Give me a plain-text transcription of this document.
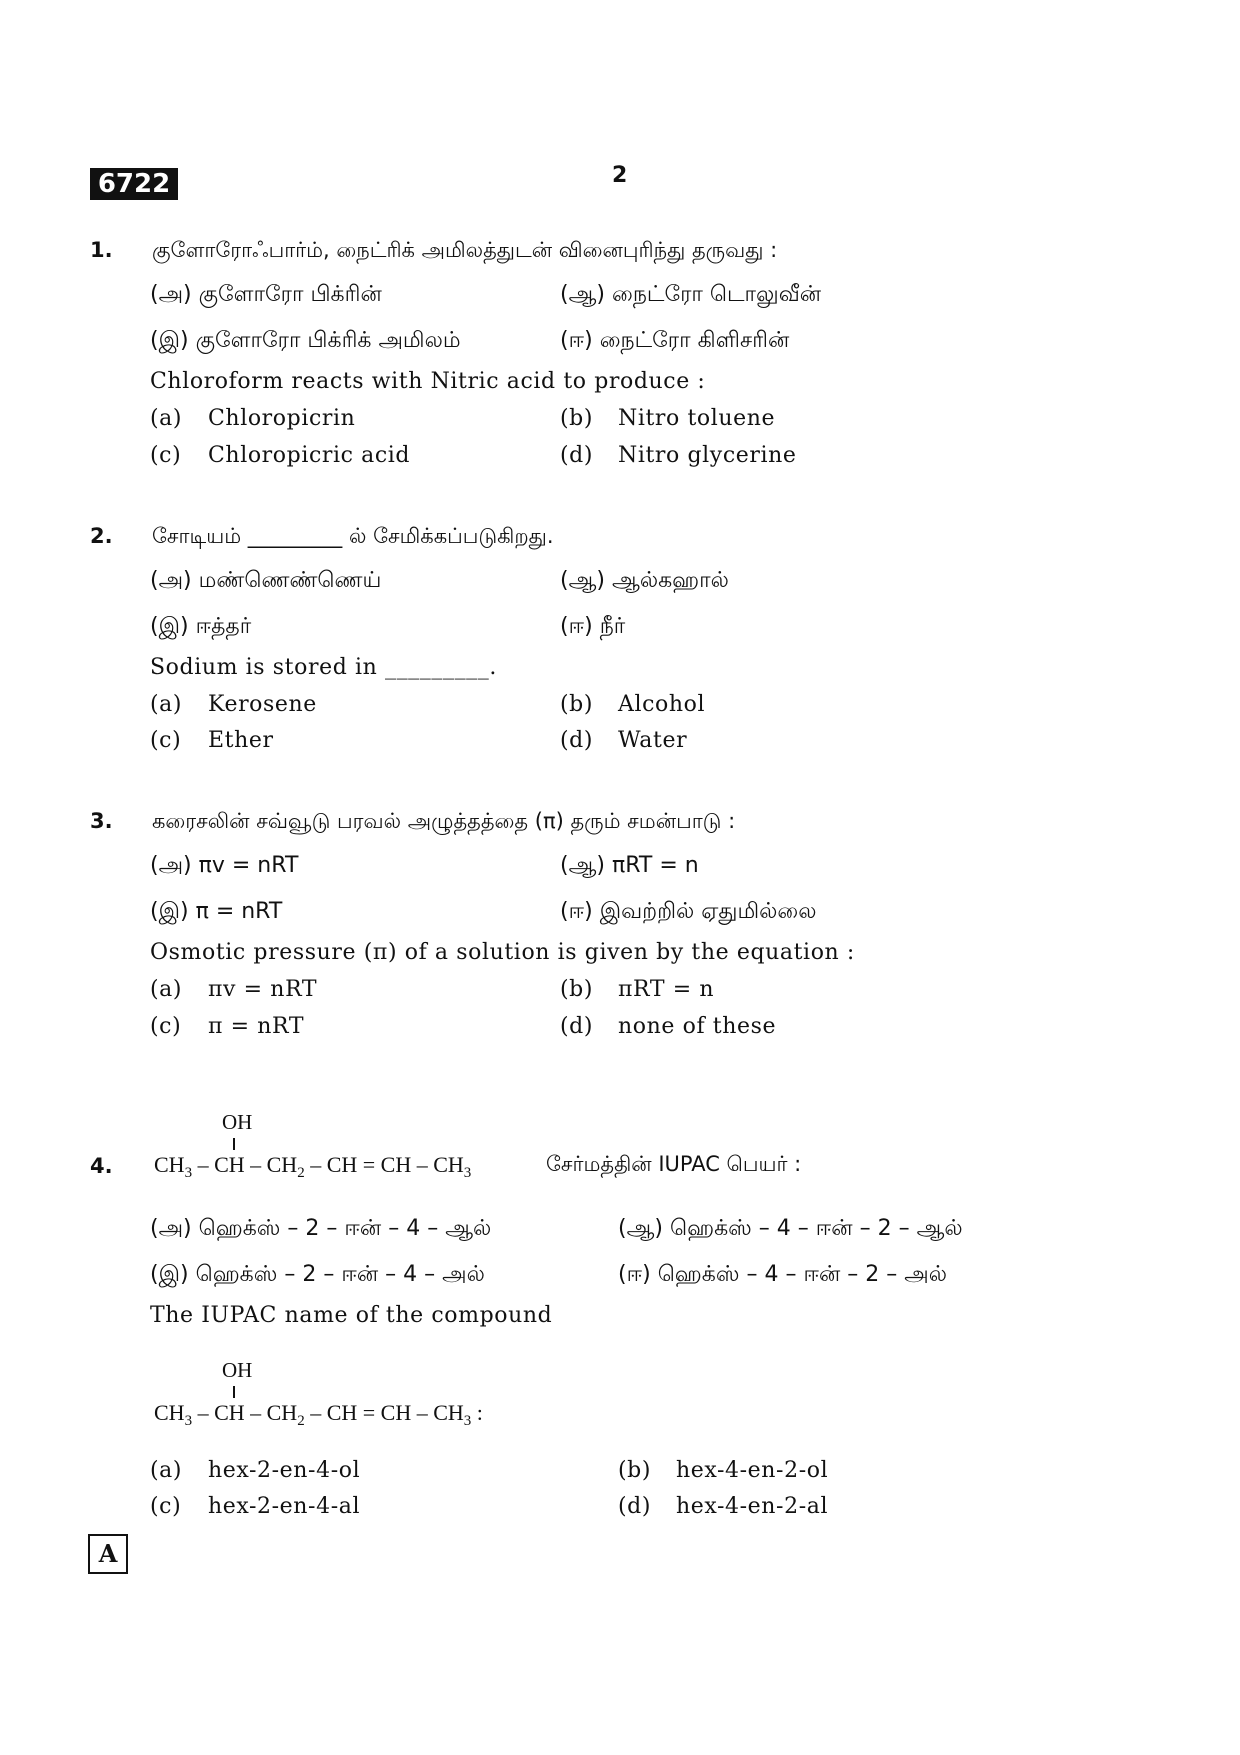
6722	2
1. குளோரோஃபார்ம், நைட்ரிக் அமிலத்துடன் வினைபுரிந்து தருவது :
(அ) குளோரோ பிக்ரின்	(ஆ) நைட்ரோ டொலுவீன்
(இ) குளோரோ பிக்ரிக் அமிலம்	(ஈ) நைட்ரோ கிளிசரின்
Chloroform reacts with Nitric acid to produce :
(a) Chloropicrin	(b) Nitro toluene
(c) Chloropicric acid	(d) Nitro glycerine
2. சோடியம் _________ ல் சேமிக்கப்படுகிறது.
(அ) மண்ணெண்ணெய்	(ஆ) ஆல்கஹால்
(இ) ஈத்தர்	(ஈ) நீர்
Sodium is stored in _________.
(a) Kerosene	(b) Alcohol
(c) Ether	(d) Water
3. கரைசலின் சவ்வூடு பரவல் அழுத்தத்தை (π) தரும் சமன்பாடு :
(அ) πv = nRT	(ஆ) πRT = n
(இ) π = nRT	(ஈ) இவற்றில் ஏதுமில்லை
Osmotic pressure (π) of a solution is given by the equation :
(a) πv = nRT	(b) πRT = n
(c) π = nRT	(d) none of these
4.
OH
$CH_3$ – CH – $CH_2$ – CH = CH – $CH_3$	சேர்மத்தின் IUPAC பெயர் :
(அ) ஹெக்ஸ் – 2 – ஈன் – 4 – ஆல்	(ஆ) ஹெக்ஸ் – 4 – ஈன் – 2 – ஆல்
(இ) ஹெக்ஸ் – 2 – ஈன் – 4 – அல்	(ஈ) ஹெக்ஸ் – 4 – ஈன் – 2 – அல்
The IUPAC name of the compound
OH
$CH_3$ – CH – $CH_2$ – CH = CH – $CH_3$ :
(a) hex-2-en-4-ol	(b) hex-4-en-2-ol
(c) hex-2-en-4-al	(d) hex-4-en-2-al
A
